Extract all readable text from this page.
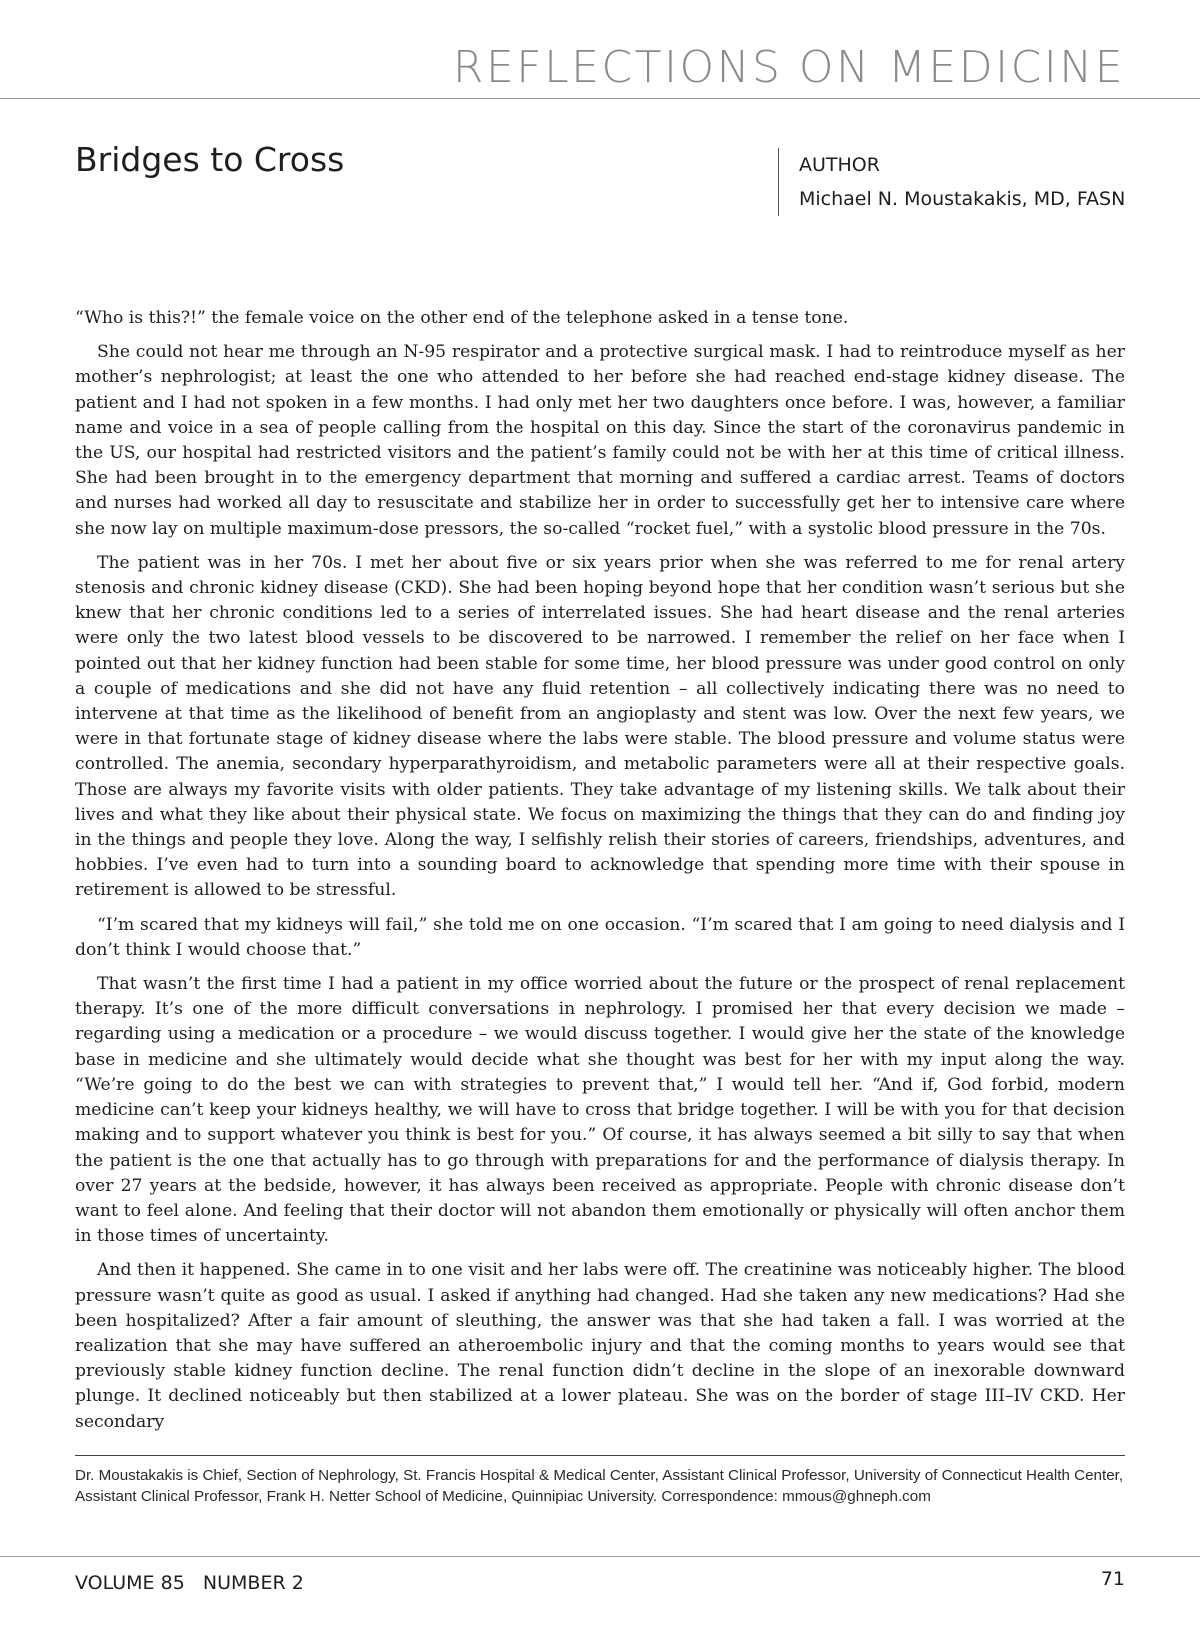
REFLECTIONS ON MEDICINE
Bridges to Cross	AUTHOR
Michael N. Moustakakis, MD, FASN

“Who is this?!” the female voice on the other end of the telephone asked in a tense tone.

She could not hear me through an N-95 respirator and a protective surgical mask. I had to reintroduce myself as her mother’s nephrologist; at least the one who attended to her before she had reached end-stage kidney disease. The patient and I had not spoken in a few months. I had only met her two daughters once before. I was, however, a familiar name and voice in a sea of people calling from the hospital on this day. Since the start of the coronavirus pandemic in the US, our hospital had restricted visitors and the patient’s family could not be with her at this time of critical illness. She had been brought in to the emergency department that morning and suffered a cardiac arrest. Teams of doctors and nurses had worked all day to resuscitate and stabilize her in order to successfully get her to intensive care where she now lay on multiple maximum-dose pressors, the so-called “rocket fuel,” with a systolic blood pressure in the 70s.

The patient was in her 70s. I met her about five or six years prior when she was referred to me for renal artery stenosis and chronic kidney disease (CKD). She had been hoping beyond hope that her condition wasn’t serious but she knew that her chronic conditions led to a series of interrelated issues. She had heart disease and the renal arteries were only the two latest blood vessels to be discovered to be narrowed. I remember the relief on her face when I pointed out that her kidney function had been stable for some time, her blood pressure was under good control on only a couple of medications and she did not have any fluid retention – all collectively indicating there was no need to intervene at that time as the likelihood of benefit from an angioplasty and stent was low. Over the next few years, we were in that fortunate stage of kidney disease where the labs were stable. The blood pressure and volume status were controlled. The anemia, secondary hyperparathyroidism, and metabolic parameters were all at their respective goals. Those are always my favorite visits with older patients. They take advantage of my listening skills. We talk about their lives and what they like about their physical state. We focus on maximizing the things that they can do and finding joy in the things and people they love. Along the way, I selfishly relish their stories of careers, friendships, adventures, and hobbies. I’ve even had to turn into a sounding board to acknowledge that spending more time with their spouse in retirement is allowed to be stressful.

“I’m scared that my kidneys will fail,” she told me on one occasion. “I’m scared that I am going to need dialysis and I don’t think I would choose that.”

That wasn’t the first time I had a patient in my office worried about the future or the prospect of renal replacement therapy. It’s one of the more difficult conversations in nephrology. I promised her that every decision we made – regarding using a medication or a procedure – we would discuss together. I would give her the state of the knowledge base in medicine and she ultimately would decide what she thought was best for her with my input along the way. “We’re going to do the best we can with strategies to prevent that,” I would tell her. “And if, God forbid, modern medicine can’t keep your kidneys healthy, we will have to cross that bridge together. I will be with you for that decision making and to support whatever you think is best for you.” Of course, it has always seemed a bit silly to say that when the patient is the one that actually has to go through with preparations for and the performance of dialysis therapy. In over 27 years at the bedside, however, it has always been received as appropriate. People with chronic disease don’t want to feel alone. And feeling that their doctor will not abandon them emotionally or physically will often anchor them in those times of uncertainty.

And then it happened. She came in to one visit and her labs were off. The creatinine was noticeably higher. The blood pressure wasn’t quite as good as usual. I asked if anything had changed. Had she taken any new medications? Had she been hospitalized? After a fair amount of sleuthing, the answer was that she had taken a fall. I was worried at the realization that she may have suffered an atheroembolic injury and that the coming months to years would see that previously stable kidney function decline. The renal function didn’t decline in the slope of an inexorable downward plunge. It declined noticeably but then stabilized at a lower plateau. She was on the border of stage III–IV CKD. Her secondary

Dr. Moustakakis is Chief, Section of Nephrology, St. Francis Hospital & Medical Center, Assistant Clinical Professor, University of Connecticut Health Center, Assistant Clinical Professor, Frank H. Netter School of Medicine, Quinnipiac University. Correspondence: mmous@ghneph.com
VOLUME 85   NUMBER 2	71
